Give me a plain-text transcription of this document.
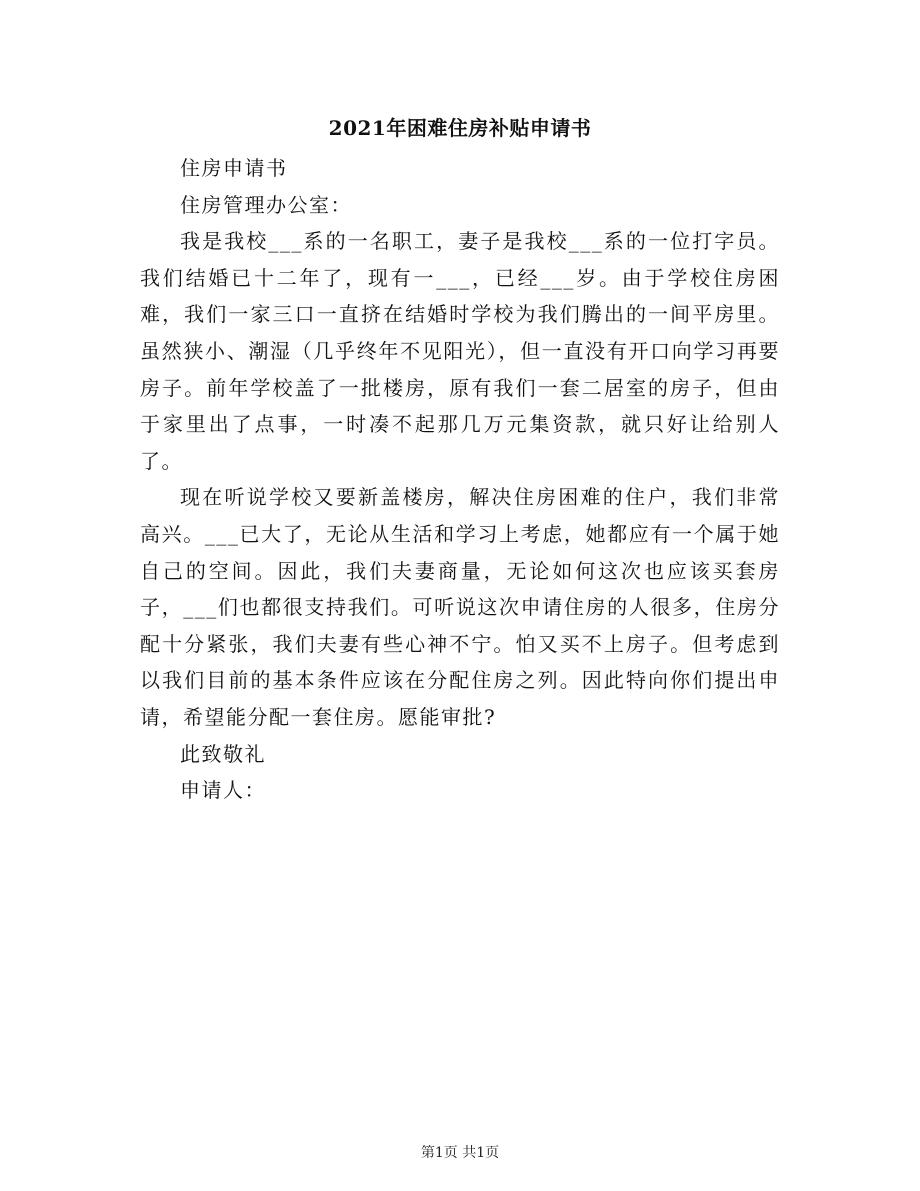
2021年困难住房补贴申请书

住房申请书

住房管理办公室：

我是我校___系的一名职工，妻子是我校___系的一位打字员。我们结婚已十二年了，现有一___，已经___岁。由于学校住房困难，我们一家三口一直挤在结婚时学校为我们腾出的一间平房里。虽然狭小、潮湿（几乎终年不见阳光），但一直没有开口向学习再要房子。前年学校盖了一批楼房，原有我们一套二居室的房子，但由于家里出了点事，一时凑不起那几万元集资款，就只好让给别人了。

现在听说学校又要新盖楼房，解决住房困难的住户，我们非常高兴。___已大了，无论从生活和学习上考虑，她都应有一个属于她自己的空间。因此，我们夫妻商量，无论如何这次也应该买套房子，___们也都很支持我们。可听说这次申请住房的人很多，住房分配十分紧张，我们夫妻有些心神不宁。怕又买不上房子。但考虑到以我们目前的基本条件应该在分配住房之列。因此特向你们提出申请，希望能分配一套住房。愿能审批?

此致敬礼

申请人：

第1页 共1页
